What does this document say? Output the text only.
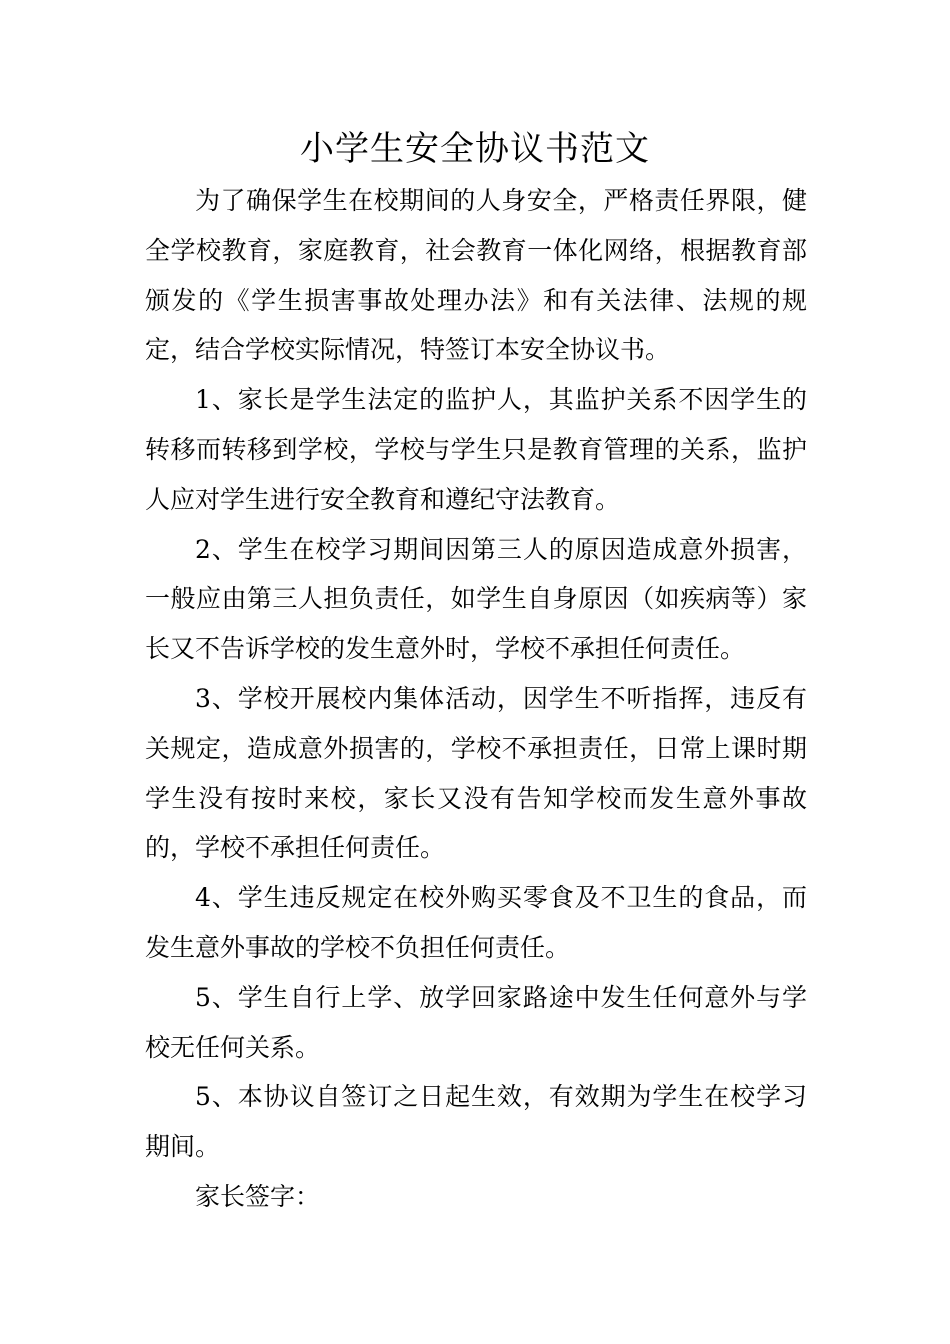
小学生安全协议书范文

为了确保学生在校期间的人身安全，严格责任界限，健全学校教育，家庭教育，社会教育一体化网络，根据教育部颁发的《学生损害事故处理办法》和有关法律、法规的规定，结合学校实际情况，特签订本安全协议书。

1、家长是学生法定的监护人，其监护关系不因学生的转移而转移到学校，学校与学生只是教育管理的关系，监护人应对学生进行安全教育和遵纪守法教育。

2、学生在校学习期间因第三人的原因造成意外损害，一般应由第三人担负责任，如学生自身原因（如疾病等）家长又不告诉学校的发生意外时，学校不承担任何责任。

3、学校开展校内集体活动，因学生不听指挥，违反有关规定，造成意外损害的，学校不承担责任，日常上课时期学生没有按时来校，家长又没有告知学校而发生意外事故的，学校不承担任何责任。

4、学生违反规定在校外购买零食及不卫生的食品，而发生意外事故的学校不负担任何责任。

5、学生自行上学、放学回家路途中发生任何意外与学校无任何关系。

5、本协议自签订之日起生效，有效期为学生在校学习期间。

家长签字：
